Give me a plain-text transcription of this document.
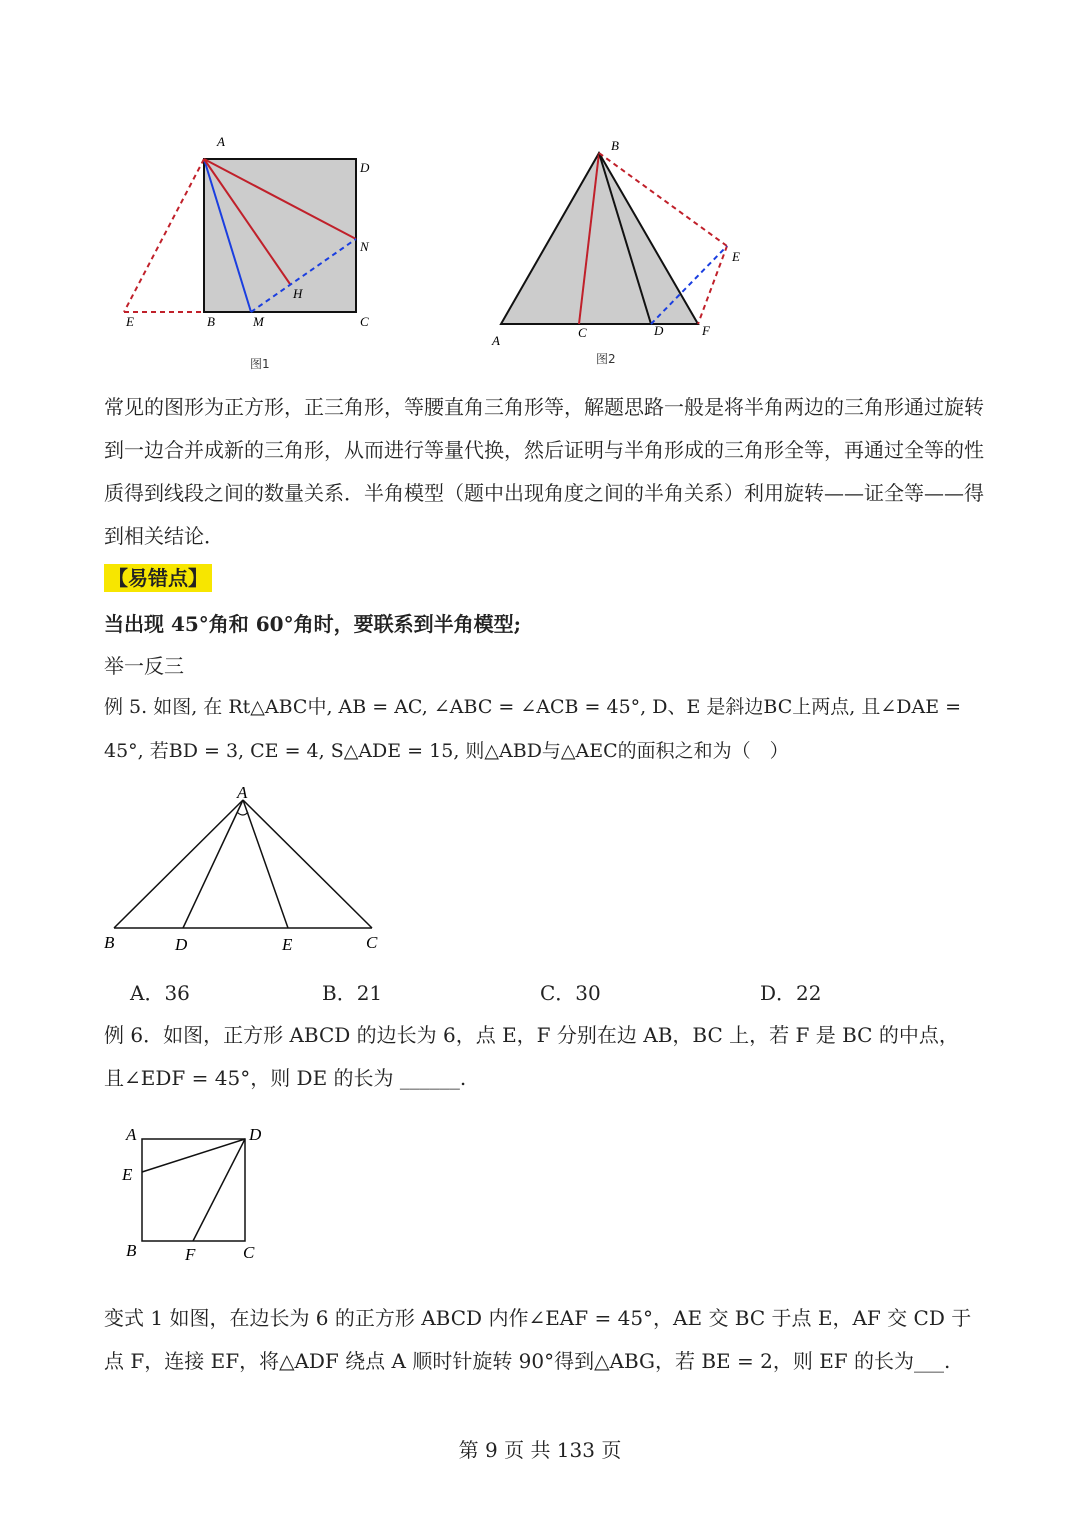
A
D
N
H
E	B	M	C
图1
B
E
A
C	D	F
图2
常见的图形为正方形，正三角形，等腰直角三角形等，解题思路一般是将半角两边的三角形通过旋转到一边合并成新的三角形，从而进行等量代换，然后证明与半角形成的三角形全等，再通过全等的性质得到线段之间的数量关系．半角模型（题中出现角度之间的半角关系）利用旋转——证全等——得到相关结论．
【易错点】
当出现 45°角和 60°角时，要联系到半角模型;
举一反三
例 5. 如图, 在 Rt△ABC中, AB = AC, ∠ABC = ∠ACB = 45°, D、E 是斜边BC上两点, 且∠DAE =
45°, 若BD = 3, CE = 4, S△ADE = 15, 则△ABD与△AEC的面积之和为（　）
A
B	D	E	C
A．36	B．21	C．30	D．22
例 6．如图，正方形 ABCD 的边长为 6，点 E，F 分别在边 AB，BC 上，若 F 是 BC 的中点，
且∠EDF = 45°，则 DE 的长为 ______.
A	D
E
B	F	C
变式 1 如图，在边长为 6 的正方形 ABCD 内作∠EAF = 45°，AE 交 BC 于点 E，AF 交 CD 于
点 F，连接 EF，将△ADF 绕点 A 顺时针旋转 90°得到△ABG，若 BE = 2，则 EF 的长为___.
第 9 页 共 133 页
